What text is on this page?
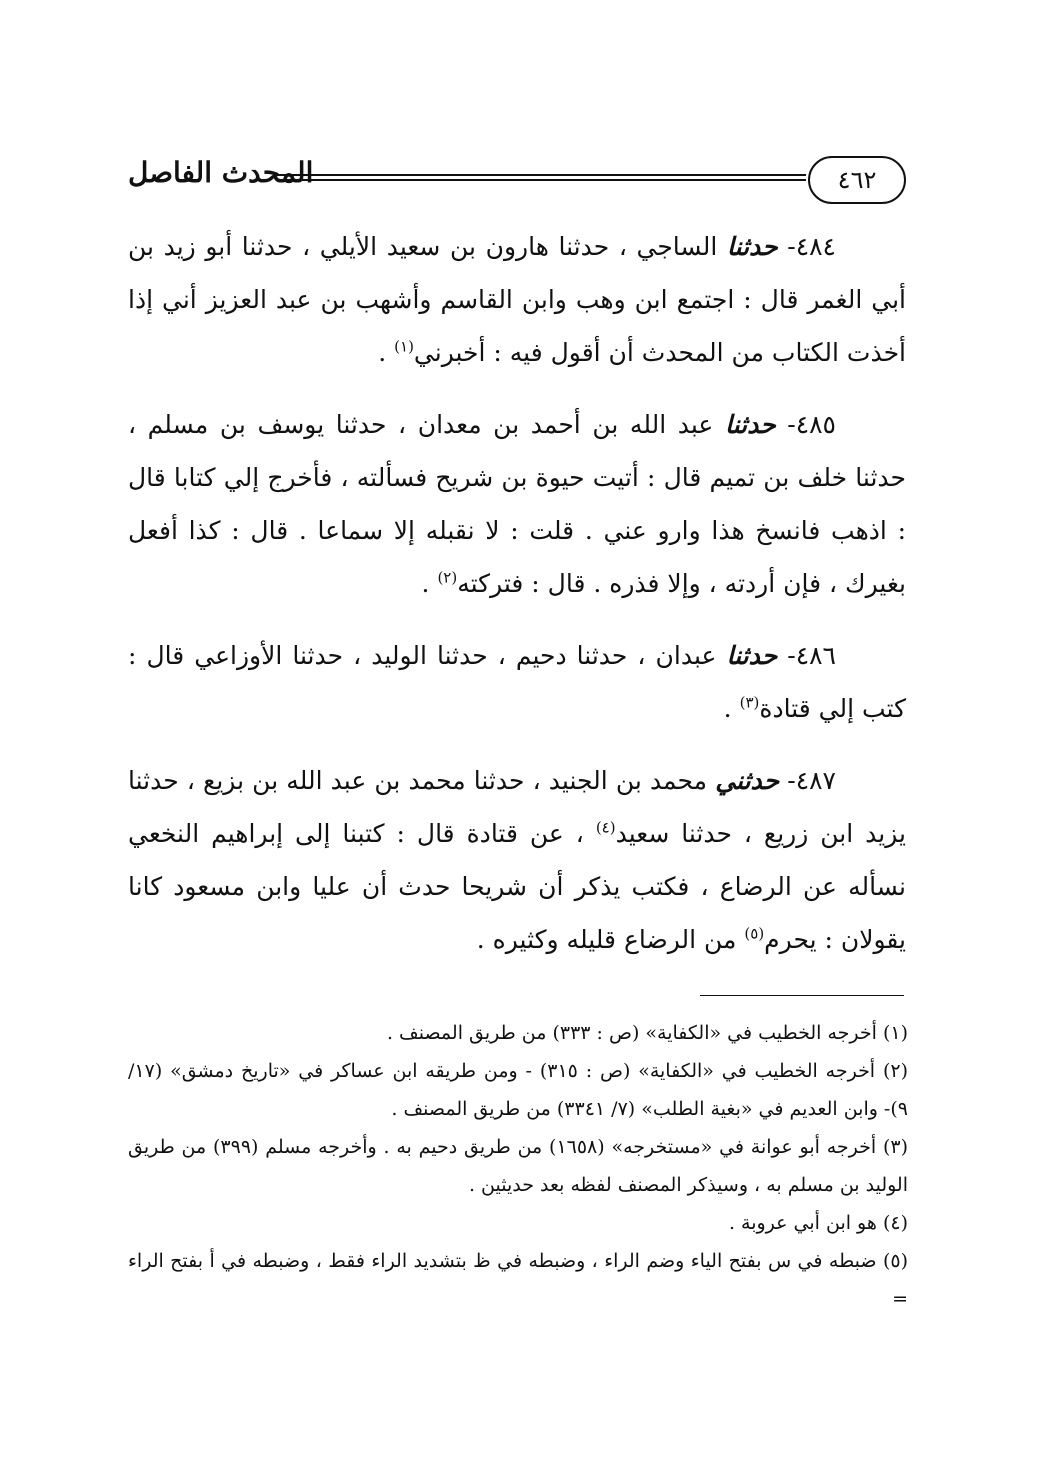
٤٦٢
المحدث الفاصل

٤٨٤- حدثنا الساجي ، حدثنا هارون بن سعيد الأيلي ، حدثنا أبو زيد بن أبي الغمر قال : اجتمع ابن وهب وابن القاسم وأشهب بن عبد العزيز أني إذا أخذت الكتاب من المحدث أن أقول فيه : أخبرني$^{(١)}$ .

٤٨٥- حدثنا عبد الله بن أحمد بن معدان ، حدثنا يوسف بن مسلم ، حدثنا خلف بن تميم قال : أتيت حيوة بن شريح فسألته ، فأخرج إلي كتابا قال : اذهب فانسخ هذا وارو عني . قلت : لا نقبله إلا سماعا . قال : كذا أفعل بغيرك ، فإن أردته ، وإلا فذره . قال : فتركته$^{(٢)}$ .

٤٨٦- حدثنا عبدان ، حدثنا دحيم ، حدثنا الوليد ، حدثنا الأوزاعي قال : كتب إلي قتادة$^{(٣)}$ .

٤٨٧- حدثني محمد بن الجنيد ، حدثنا محمد بن عبد الله بن بزيع ، حدثنا يزيد ابن زريع ، حدثنا سعيد$^{(٤)}$ ، عن قتادة قال : كتبنا إلى إبراهيم النخعي نسأله عن الرضاع ، فكتب يذكر أن شريحا حدث أن عليا وابن مسعود كانا يقولان : يحرم$^{(٥)}$ من الرضاع قليله وكثيره .

(١) أخرجه الخطيب في «الكفاية» (ص : ٣٣٣) من طريق المصنف .

(٢) أخرجه الخطيب في «الكفاية» (ص : ٣١٥) - ومن طريقه ابن عساكر في «تاريخ دمشق» (١٧/ ٩)- وابن العديم في «بغية الطلب» (٧/ ٣٣٤١) من طريق المصنف .

(٣) أخرجه أبو عوانة في «مستخرجه» (١٦٥٨) من طريق دحيم به . وأخرجه مسلم (٣٩٩) من طريق الوليد بن مسلم به ، وسيذكر المصنف لفظه بعد حديثين .

(٤) هو ابن أبي عروبة .

(٥) ضبطه في س بفتح الياء وضم الراء ، وضبطه في ظ بتشديد الراء فقط ، وضبطه في أ بفتح الراء =
